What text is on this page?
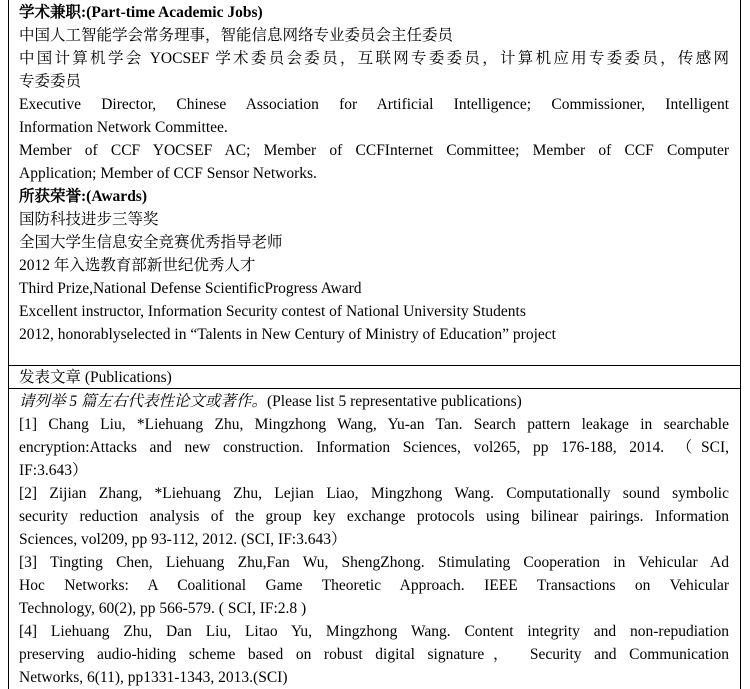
学术兼职:(Part-time Academic Jobs)
中国人工智能学会常务理事，智能信息网络专业委员会主任委员
中国计算机学会 YOCSEF 学术委员会委员，互联网专委委员，计算机应用专委委员，传感网
专委委员
Executive Director, Chinese Association for Artificial Intelligence; Commissioner, Intelligent
Information Network Committee.
Member of CCF YOCSEF AC; Member of CCFInternet Committee; Member of CCF Computer
Application; Member of CCF Sensor Networks.
所获荣誉:(Awards)
国防科技进步三等奖
全国大学生信息安全竞赛优秀指导老师
2012 年入选教育部新世纪优秀人才
Third Prize,National Defense ScientificProgress Award
Excellent instructor, Information Security contest of National University Students
2012, honorablyselected in “Talents in New Century of Ministry of Education” project
发表文章 (Publications)
请列举 5 篇左右代表性论文或著作。(Please list 5 representative publications)
[1] Chang Liu, *Liehuang Zhu, Mingzhong Wang, Yu-an Tan. Search pattern leakage in searchable
encryption:Attacks and new construction. Information Sciences, vol265, pp 176-188, 2014. （SCI,
IF:3.643）
[2] Zijian Zhang, *Liehuang Zhu, Lejian Liao, Mingzhong Wang. Computationally sound symbolic
security reduction analysis of the group key exchange protocols using bilinear pairings. Information
Sciences, vol209, pp 93-112, 2012. (SCI, IF:3.643）
[3] Tingting Chen, Liehuang Zhu,Fan Wu, ShengZhong. Stimulating Cooperation in Vehicular Ad
Hoc Networks: A Coalitional Game Theoretic Approach. IEEE Transactions on Vehicular
Technology, 60(2), pp 566-579. ( SCI, IF:2.8 )
[4] Liehuang Zhu, Dan Liu, Litao Yu, Mingzhong Wang. Content integrity and non-repudiation
preserving audio-hiding scheme based on robust digital signature， Security and Communication
Networks, 6(11), pp1331-1343, 2013.(SCI)
